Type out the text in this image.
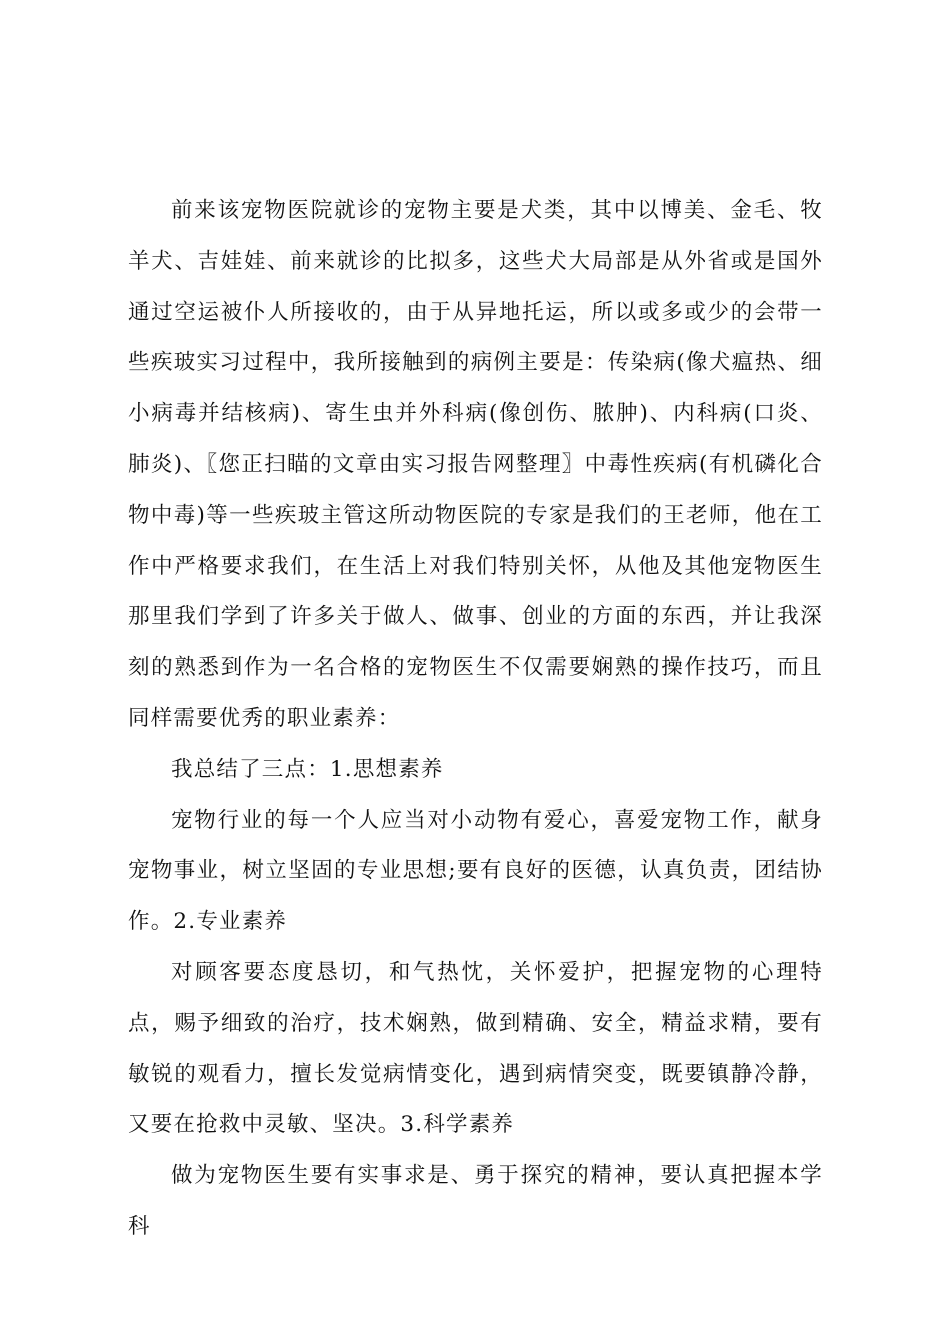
前来该宠物医院就诊的宠物主要是犬类，其中以博美、金毛、牧羊犬、吉娃娃、前来就诊的比拟多，这些犬大局部是从外省或是国外通过空运被仆人所接收的，由于从异地托运，所以或多或少的会带一些疾玻实习过程中，我所接触到的病例主要是：传染病(像犬瘟热、细小病毒并结核病)、寄生虫并外科病(像创伤、脓肿)、内科病(口炎、肺炎)、〖您正扫瞄的文章由实习报告网整理〗中毒性疾病(有机磷化合物中毒)等一些疾玻主管这所动物医院的专家是我们的王老师，他在工作中严格要求我们，在生活上对我们特别关怀，从他及其他宠物医生那里我们学到了许多关于做人、做事、创业的方面的东西，并让我深刻的熟悉到作为一名合格的宠物医生不仅需要娴熟的操作技巧，而且同样需要优秀的职业素养：

我总结了三点：1.思想素养

宠物行业的每一个人应当对小动物有爱心，喜爱宠物工作，献身宠物事业，树立坚固的专业思想;要有良好的医德，认真负责，团结协作。2.专业素养

对顾客要态度恳切，和气热忱，关怀爱护，把握宠物的心理特点，赐予细致的治疗，技术娴熟，做到精确、安全，精益求精，要有敏锐的观看力，擅长发觉病情变化，遇到病情突变，既要镇静冷静，又要在抢救中灵敏、坚决。3.科学素养

做为宠物医生要有实事求是、勇于探究的精神，要认真把握本学科
